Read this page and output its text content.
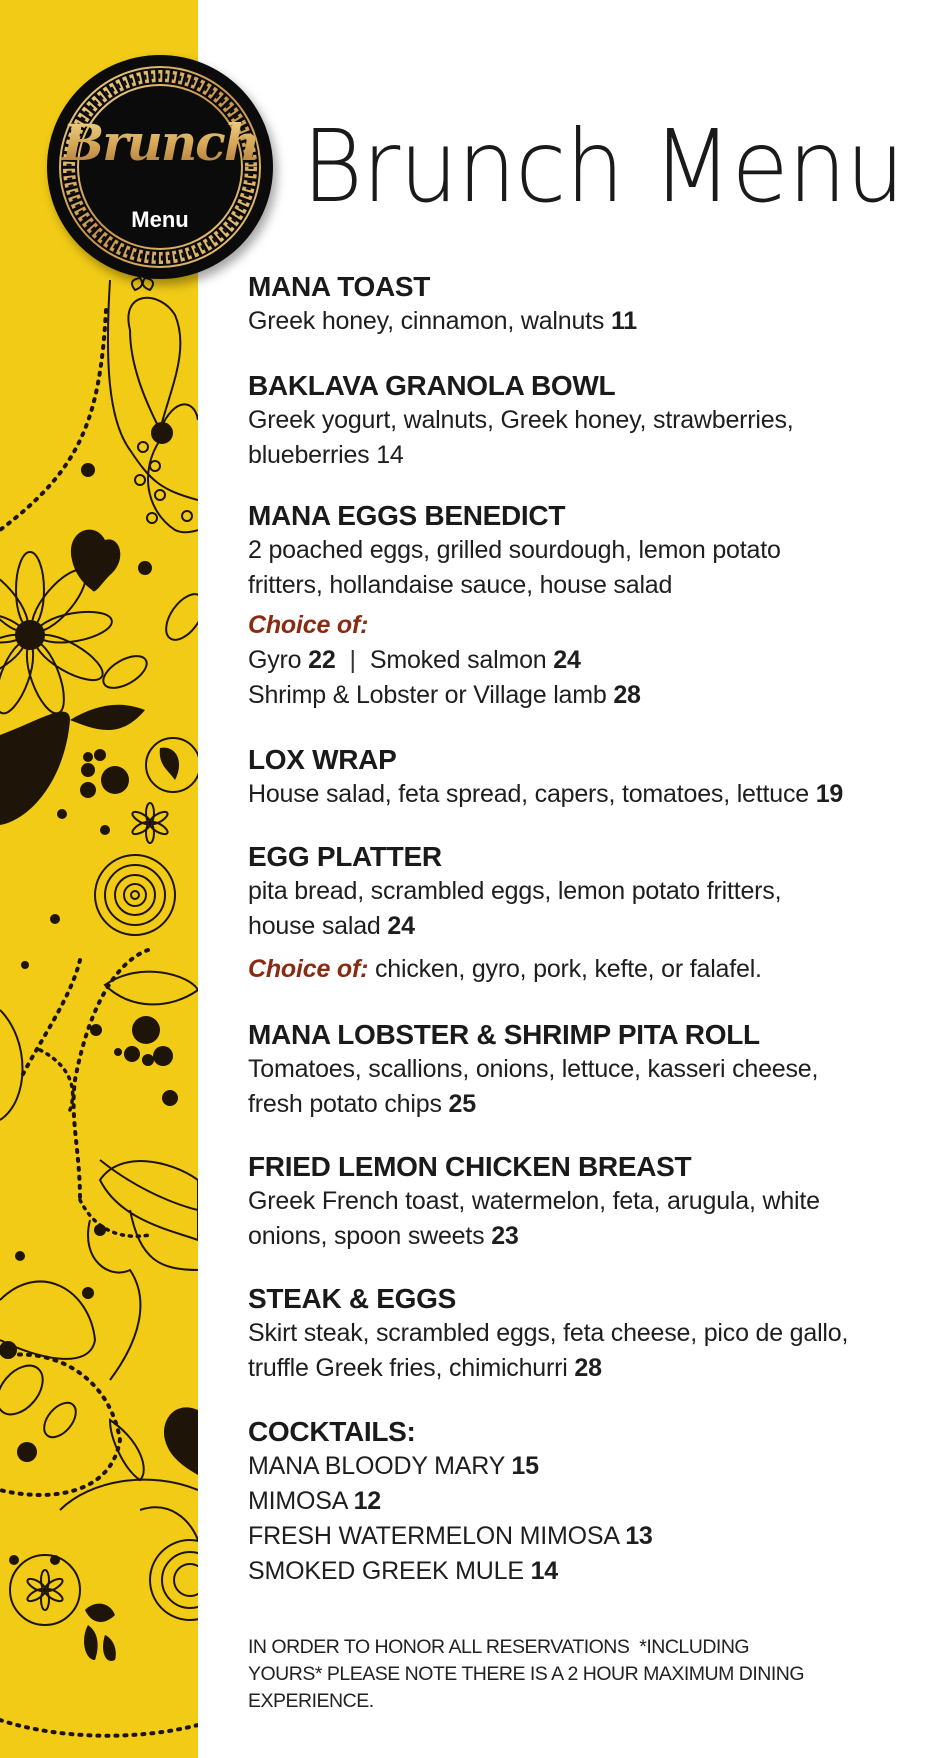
Brunch
Menu	Brunch Menu
MANA TOAST
Greek honey, cinnamon, walnuts 11
BAKLAVA GRANOLA BOWL
Greek yogurt, walnuts, Greek honey, strawberries,
blueberries 14
MANA EGGS BENEDICT
2 poached eggs, grilled sourdough, lemon potato
fritters, hollandaise sauce, house salad
Choice of:
Gyro 22 | Smoked salmon 24
Shrimp & Lobster or Village lamb 28
LOX WRAP
House salad, feta spread, capers, tomatoes, lettuce 19
EGG PLATTER
pita bread, scrambled eggs, lemon potato fritters,
house salad 24
Choice of: chicken, gyro, pork, kefte, or falafel.
MANA LOBSTER & SHRIMP PITA ROLL
Tomatoes, scallions, onions, lettuce, kasseri cheese,
fresh potato chips 25
FRIED LEMON CHICKEN BREAST
Greek French toast, watermelon, feta, arugula, white
onions, spoon sweets 23
STEAK & EGGS
Skirt steak, scrambled eggs, feta cheese, pico de gallo,
truffle Greek fries, chimichurri 28
COCKTAILS:
MANA BLOODY MARY 15
MIMOSA 12
FRESH WATERMELON MIMOSA 13
SMOKED GREEK MULE 14
IN ORDER TO HONOR ALL RESERVATIONS  *INCLUDING
YOURS* PLEASE NOTE THERE IS A 2 HOUR MAXIMUM DINING
EXPERIENCE.
